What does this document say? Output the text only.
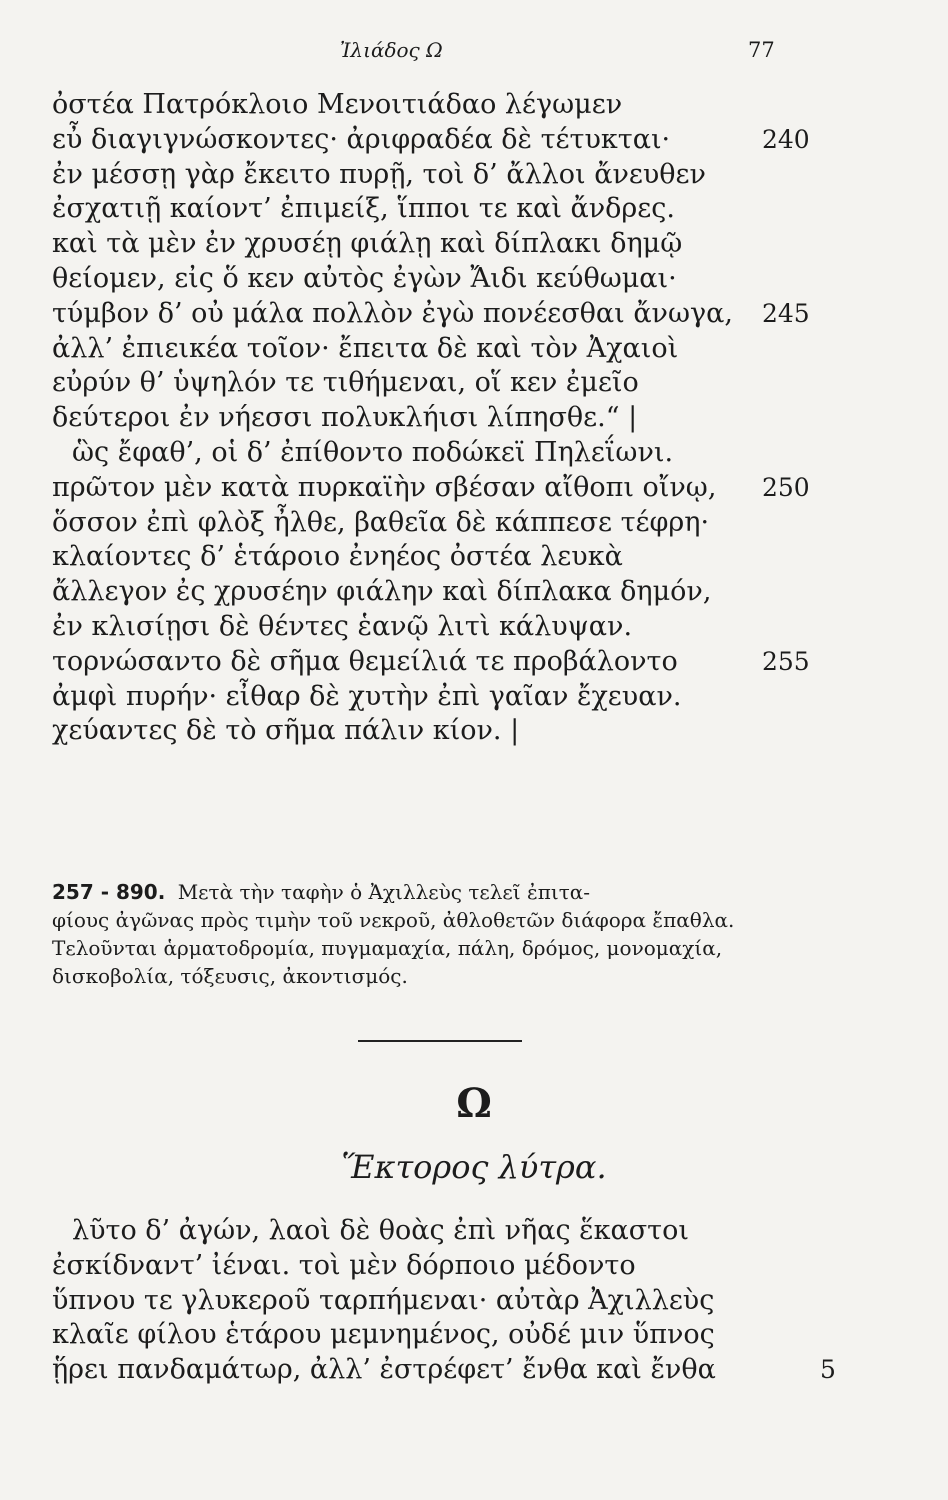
Ἰλιάδος Ω	77
ὀστέα Πατρόκλοιο Μενοιτιάδαο λέγωμεν
εὖ διαγιγνώσκοντες· ἀριφραδέα δὲ τέτυκται·	240
ἐν μέσσῃ γὰρ ἔκειτο πυρῇ, τοὶ δ’ ἄλλοι ἄνευθεν
ἐσχατιῇ καίοντ’ ἐπιμείξ, ἵπποι τε καὶ ἄνδρες.
καὶ τὰ μὲν ἐν χρυσέῃ φιάλῃ καὶ δίπλακι δημῷ
θείομεν, εἰς ὅ κεν αὐτὸς ἐγὼν Ἄιδι κεύθωμαι·
τύμβον δ’ οὐ μάλα πολλὸν ἐγὼ πονέεσθαι ἄνωγα, 245
ἀλλ’ ἐπιεικέα τοῖον· ἔπειτα δὲ καὶ τὸν Ἀχαιοὶ
εὐρύν θ’ ὑψηλόν τε τιθήμεναι, οἵ κεν ἐμεῖο
δεύτεροι ἐν νήεσσι πολυκλήισι λίπησθε.“ |
ὣς ἔφαθ’, οἱ δ’ ἐπίθοντο ποδώκεϊ Πηλεΐωνι.
πρῶτον μὲν κατὰ πυρκαϊὴν σβέσαν αἴθοπι οἴνῳ, 250
ὅσσον ἐπὶ φλὸξ ἦλθε, βαθεῖα δὲ κάππεσε τέφρη·
κλαίοντες δ’ ἑτάροιο ἐνηέος ὀστέα λευκὰ
ἄλλεγον ἐς χρυσέην φιάλην καὶ δίπλακα δημόν,
ἐν κλισίῃσι δὲ θέντες ἑανῷ λιτὶ κάλυψαν.
τορνώσαντο δὲ σῆμα θεμείλιά τε προβάλοντο	255
ἀμφὶ πυρήν· εἶθαρ δὲ χυτὴν ἐπὶ γαῖαν ἔχευαν.
χεύαντες δὲ τὸ σῆμα πάλιν κίον. |
257 - 890. Μετὰ τὴν ταφὴν ὁ Ἀχιλλεὺς τελεῖ ἐπιτα-
φίους ἀγῶνας πρὸς τιμὴν τοῦ νεκροῦ, ἀθλοθετῶν διάφορα ἔπαθλα.
Τελοῦνται ἁρματοδρομία, πυγμαμαχία, πάλη, δρόμος, μονομαχία,
δισκοβολία, τόξευσις, ἀκοντισμός.
Ω
Ἕκτορος λύτρα.
λῦτο δ’ ἀγών, λαοὶ δὲ θοὰς ἐπὶ νῆας ἕκαστοι
ἐσκίδναντ’ ἰέναι. τοὶ μὲν δόρποιο μέδοντο
ὕπνου τε γλυκεροῦ ταρπήμεναι· αὐτὰρ Ἀχιλλεὺς
κλαῖε φίλου ἑτάρου μεμνημένος, οὐδέ μιν ὕπνος
ᾕρει πανδαμάτωρ, ἀλλ’ ἐστρέφετ’ ἔνθα καὶ ἔνθα	5
